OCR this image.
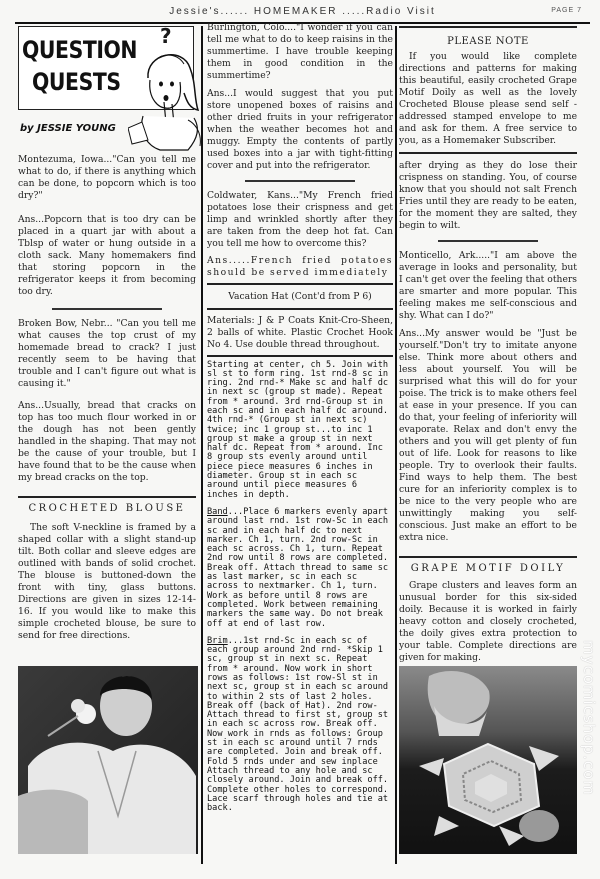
Jessie's...... HOMEMAKER .....Radio Visit	PAGE 7
QUESTION
QUESTS
?
by JESSIE YOUNG

Montezuma, Iowa..."Can you tell me what to do, if there is anything which can be done, to popcorn which is too dry?"

Ans...Popcorn that is too dry can be placed in a quart jar with about a Tblsp of water or hung outside in a cloth sack. Many homemakers find that storing popcorn in the refrigerator keeps it from becoming too dry.

Broken Bow, Nebr... "Can you tell me what causes the top crust of my homemade bread to crack? I just recently seem to be having that trouble and I can't figure out what is causing it."

Ans...Usually, bread that cracks on top has too much flour worked in or the dough has not been gently handled in the shaping. That may not be the cause of your trouble, but I have found that to be the cause when my bread cracks on the top.

CROCHETED BLOUSE

The soft V-neckline is framed by a shaped collar with a slight stand-up tilt. Both collar and sleeve edges are outlined with bands of solid crochet. The blouse is buttoned-down the front with tiny, glass buttons. Directions are given in sizes 12-14-16. If you would like to make this simple crocheted blouse, be sure to send for free directions.

Burlington, Colo...."I wonder if you can tell me what to do to keep raisins in the summertime. I have trouble keeping them in good condition in the summertime?

Ans...I would suggest that you put store unopened boxes of raisins and other dried fruits in your refrigerator when the weather becomes hot and muggy. Empty the contents of partly used boxes into a jar with tight-fitting cover and put into the refrigerator.

Coldwater, Kans..."My French fried potatoes lose their crispness and get limp and wrinkled shortly after they are taken from the deep hot fat. Can you tell me how to overcome this?

Ans.....French fried potatoes should be served immediately

Vacation Hat (Cont'd from P 6)

Materials: J & P Coats Knit-Cro-Sheen, 2 balls of white. Plastic Crochet Hook No 4. Use double thread throughout.

Starting at center, ch 5. Join with sl st to form ring. 1st rnd-8 sc in ring. 2nd rnd-* Make sc and half dc in next sc (group st made). Repeat from * around. 3rd rnd-Group st in each sc and in each half dc around. 4th rnd-* (Group st in next sc) twice; inc 1 group st...to inc 1 group st make a group st in next half dc. Repeat from * around. Inc 8 group sts evenly around until piece piece measures 6 inches in diameter. Group st in each sc around until piece measures 6 inches in depth.

Band...Place 6 markers evenly apart around last rnd. 1st row-Sc in each sc and in each half dc to next marker. Ch 1, turn. 2nd row-Sc in each sc across. Ch 1, turn. Repeat 2nd row until 8 rows are completed. Break off. Attach thread to same sc as last marker, sc in each sc across to nextmarker. Ch 1, turn. Work as before until 8 rows are completed. Work between remaining markers the same way. Do not break off at end of last row.

Brim...1st rnd-Sc in each sc of each group around 2nd rnd- *Skip 1 sc, group st in next sc. Repeat from * around. Now work in short rows as follows: 1st row-Sl st in next sc, group st in each sc around to within 2 sts of last 2 holes. Break off (back of Hat). 2nd row-Attach thread to first st, group st in each sc across row. Break off. Now work in rnds as follows: Group st in each sc around until 7 rnds are completed. Join and break off. Fold 5 rnds under and sew inplace Attach thread to any hole and sc closely around. Join and break off. Complete other holes to correspond. Lace scarf through holes and tie at back.

PLEASE NOTE

If you would like complete directions and patterns for making this beautiful, easily crocheted Grape Motif Doily as well as the lovely Crocheted Blouse please send self - addressed stamped envelope to me and ask for them. A free service to you, as a Homemaker Subscriber.

after drying as they do lose their crispness on standing. You, of course know that you should not salt French Fries until they are ready to be eaten, for the moment they are salted, they begin to wilt.

Monticello, Ark....."I am above the average in looks and personality, but I can't get over the feeling that others are smarter and more popular. This feeling makes me self-conscious and shy. What can I do?"

Ans...My answer would be "Just be yourself."Don't try to imitate anyone else. Think more about others and less about yourself. You will be surprised what this will do for your poise. The trick is to make others feel at ease in your presence. If you can do that, your feeling of inferiority will evaporate. Relax and don't envy the others and you will get plenty of fun out of life. Look for reasons to like people. Try to overlook their faults. Find ways to help them. The best cure for an inferiority complex is to be nice to the very people who are unwittingly making you self-conscious. Just make an effort to be extra nice.

GRAPE MOTIF DOILY

Grape clusters and leaves form an unusual border for this six-sided doily. Because it is worked in fairly heavy cotton and closely crocheted, the doily gives extra protection to your table. Complete directions are given for making.	mycomicshop.com
